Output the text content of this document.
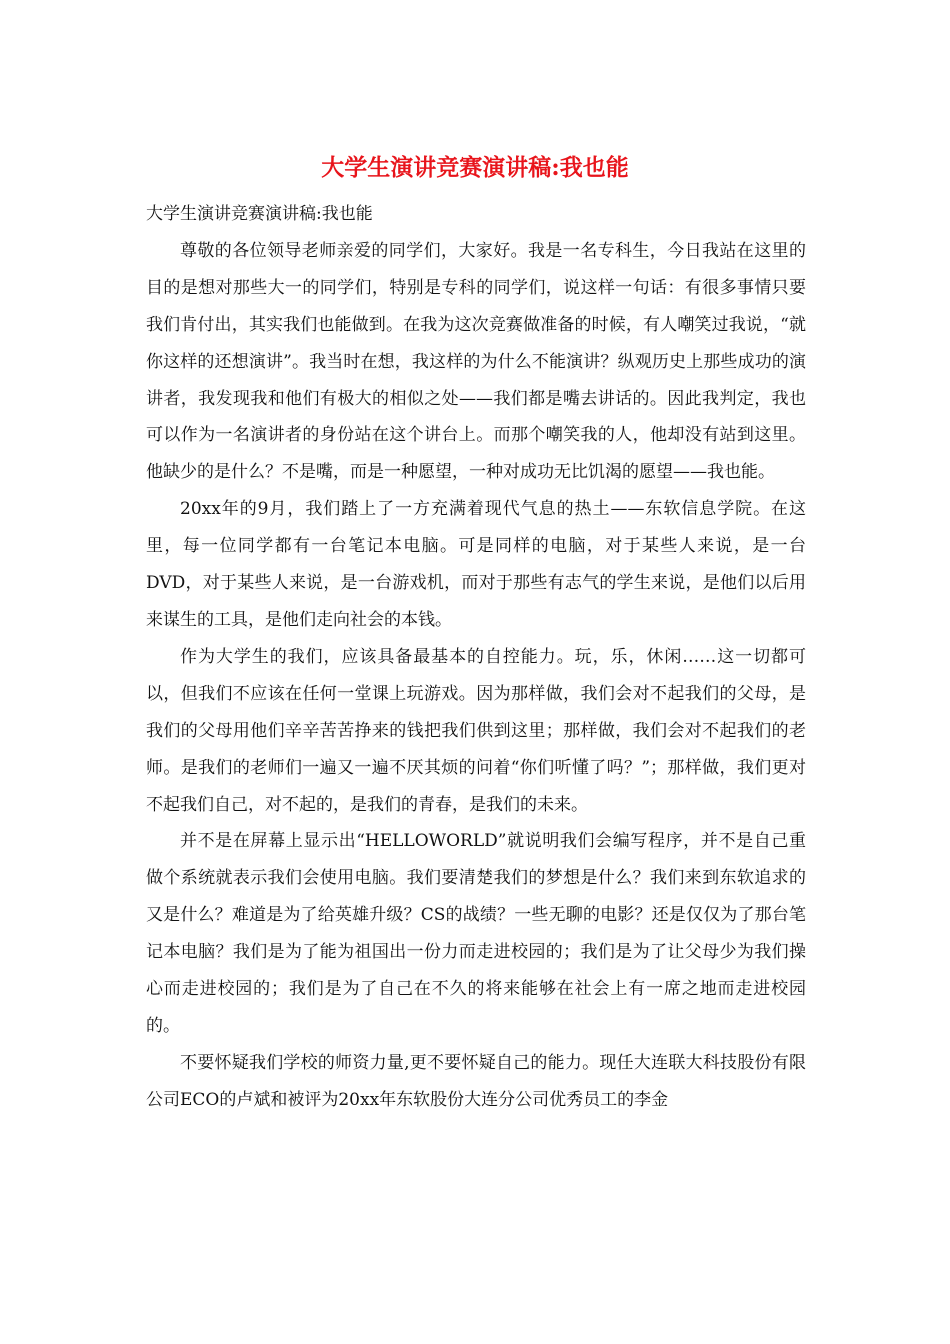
大学生演讲竞赛演讲稿:我也能

大学生演讲竞赛演讲稿:我也能

尊敬的各位领导老师亲爱的同学们，大家好。我是一名专科生，今日我站在这里的目的是想对那些大一的同学们，特别是专科的同学们，说这样一句话：有很多事情只要我们肯付出，其实我们也能做到。在我为这次竞赛做准备的时候，有人嘲笑过我说，“就你这样的还想演讲”。我当时在想，我这样的为什么不能演讲？纵观历史上那些成功的演讲者，我发现我和他们有极大的相似之处——我们都是嘴去讲话的。因此我判定，我也可以作为一名演讲者的身份站在这个讲台上。而那个嘲笑我的人，他却没有站到这里。他缺少的是什么？不是嘴，而是一种愿望，一种对成功无比饥渴的愿望——我也能。

20xx年的9月，我们踏上了一方充满着现代气息的热土——东软信息学院。在这里，每一位同学都有一台笔记本电脑。可是同样的电脑，对于某些人来说，是一台DVD，对于某些人来说，是一台游戏机，而对于那些有志气的学生来说，是他们以后用来谋生的工具，是他们走向社会的本钱。

作为大学生的我们，应该具备最基本的自控能力。玩，乐，休闲……这一切都可以，但我们不应该在任何一堂课上玩游戏。因为那样做，我们会对不起我们的父母，是我们的父母用他们辛辛苦苦挣来的钱把我们供到这里；那样做，我们会对不起我们的老师。是我们的老师们一遍又一遍不厌其烦的问着“你们听懂了吗？”；那样做，我们更对不起我们自己，对不起的，是我们的青春，是我们的未来。

并不是在屏幕上显示出“HELLOWORLD”就说明我们会编写程序，并不是自己重做个系统就表示我们会使用电脑。我们要清楚我们的梦想是什么？我们来到东软追求的又是什么？难道是为了给英雄升级？CS的战绩？一些无聊的电影？还是仅仅为了那台笔记本电脑？我们是为了能为祖国出一份力而走进校园的；我们是为了让父母少为我们操心而走进校园的；我们是为了自己在不久的将来能够在社会上有一席之地而走进校园的。

不要怀疑我们学校的师资力量,更不要怀疑自己的能力。现任大连联大科技股份有限公司ECO的卢斌和被评为20xx年东软股份大连分公司优秀员工的李金
